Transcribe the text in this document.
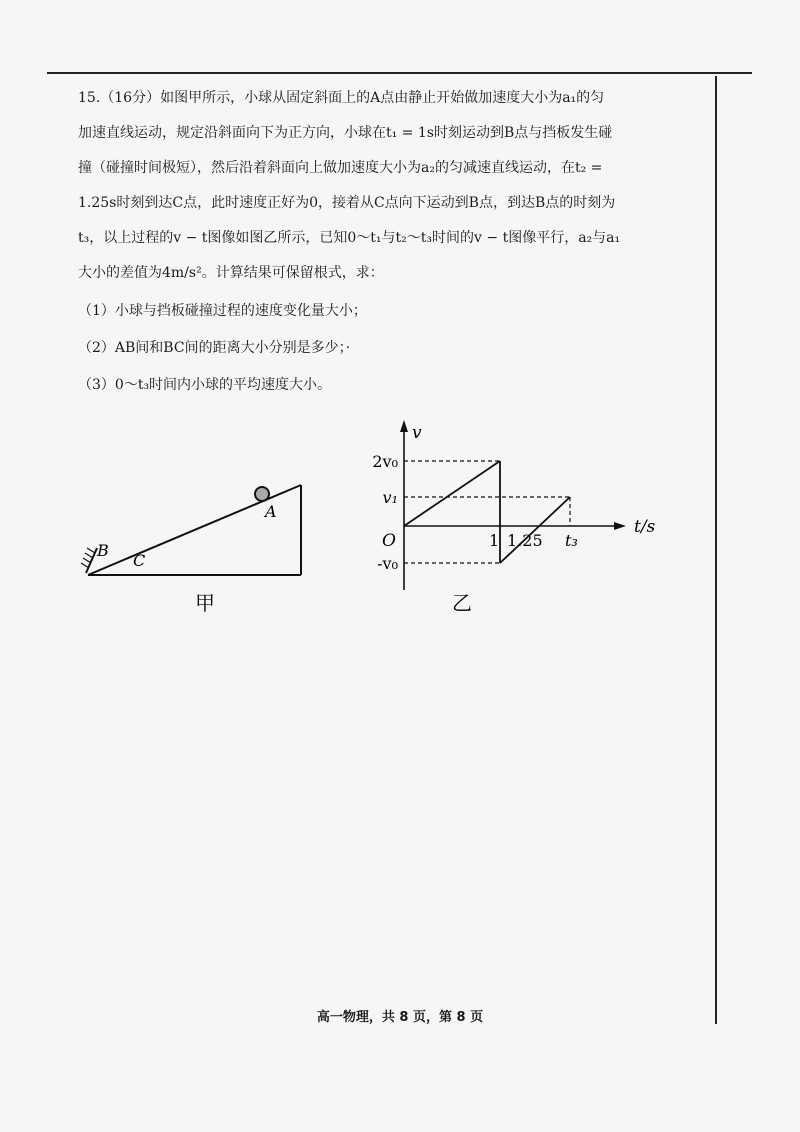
15.（16分）如图甲所示，小球从固定斜面上的A点由静止开始做加速度大小为a₁的匀
加速直线运动，规定沿斜面向下为正方向，小球在t₁ = 1s时刻运动到B点与挡板发生碰
撞（碰撞时间极短），然后沿着斜面向上做加速度大小为a₂的匀减速直线运动，在t₂ =
1.25s时刻到达C点，此时速度正好为0，接着从C点向下运动到B点，到达B点的时刻为
t₃，以上过程的v − t图像如图乙所示，已知0～t₁与t₂～t₃时间的v − t图像平行，a₂与a₁
大小的差值为4m/s²。计算结果可保留根式，求：
（1）小球与挡板碰撞过程的速度变化量大小；
（2）AB间和BC间的距离大小分别是多少；·
（3）0～t₃时间内小球的平均速度大小。
A
B
C
甲
v
t/s
O
2v₀
v₁
-v₀
1 1.25 t₃
乙
高一物理，共 8 页，第 8 页
